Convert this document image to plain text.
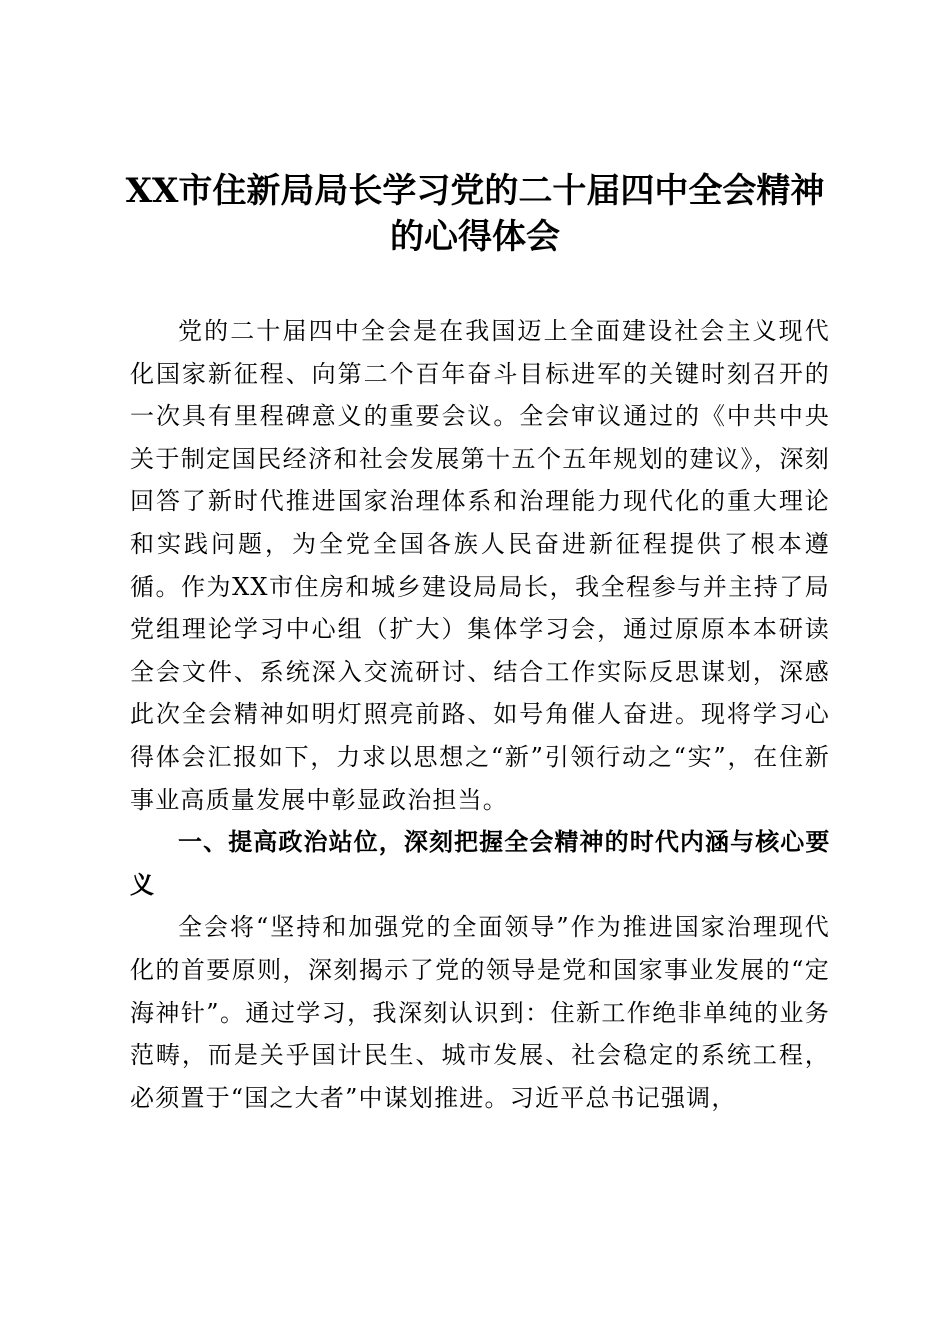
XX市住新局局长学习党的二十届四中全会精神的心得体会

党的二十届四中全会是在我国迈上全面建设社会主义现代化国家新征程、向第二个百年奋斗目标进军的关键时刻召开的一次具有里程碑意义的重要会议。全会审议通过的《中共中央关于制定国民经济和社会发展第十五个五年规划的建议》，深刻回答了新时代推进国家治理体系和治理能力现代化的重大理论和实践问题，为全党全国各族人民奋进新征程提供了根本遵循。作为XX市住房和城乡建设局局长，我全程参与并主持了局党组理论学习中心组（扩大）集体学习会，通过原原本本研读全会文件、系统深入交流研讨、结合工作实际反思谋划，深感此次全会精神如明灯照亮前路、如号角催人奋进。现将学习心得体会汇报如下，力求以思想之“新”引领行动之“实”，在住新事业高质量发展中彰显政治担当。

一、提高政治站位，深刻把握全会精神的时代内涵与核心要义

全会将“坚持和加强党的全面领导”作为推进国家治理现代化的首要原则，深刻揭示了党的领导是党和国家事业发展的“定海神针”。通过学习，我深刻认识到：住新工作绝非单纯的业务范畴，而是关乎国计民生、城市发展、社会稳定的系统工程，必须置于“国之大者”中谋划推进。习近平总书记强调，
